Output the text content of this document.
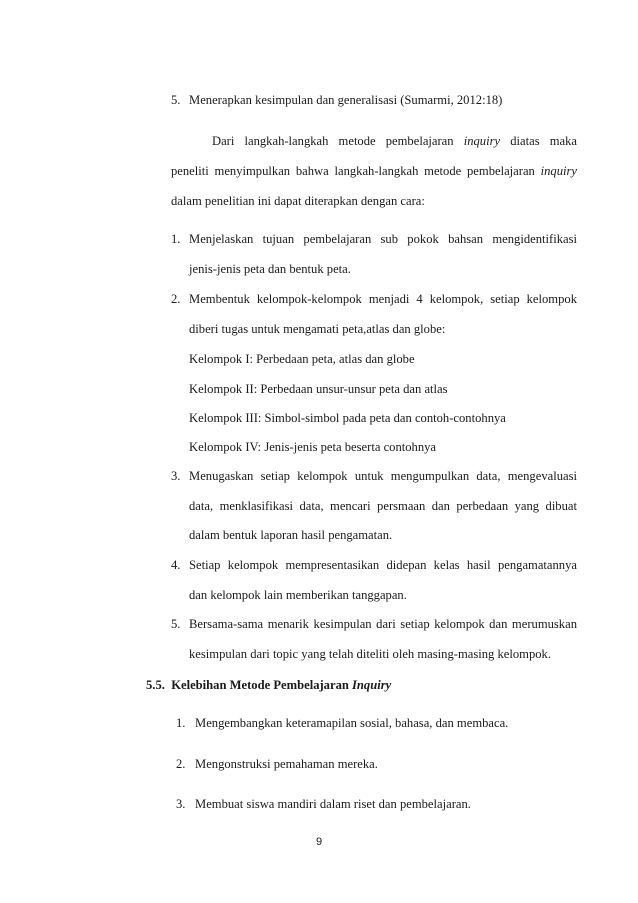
5. Menerapkan kesimpulan dan generalisasi (Sumarmi, 2012:18)
Dari langkah-langkah metode pembelajaran inquiry diatas maka
peneliti menyimpulkan bahwa langkah-langkah metode pembelajaran inquiry
dalam penelitian ini dapat diterapkan dengan cara:
1. Menjelaskan tujuan pembelajaran sub pokok bahsan mengidentifikasi
jenis-jenis peta dan bentuk peta.
2. Membentuk kelompok-kelompok menjadi 4 kelompok, setiap kelompok
diberi tugas untuk mengamati peta,atlas dan globe:
Kelompok I: Perbedaan peta, atlas dan globe
Kelompok II: Perbedaan unsur-unsur peta dan atlas
Kelompok III: Simbol-simbol pada peta dan contoh-contohnya
Kelompok IV: Jenis-jenis peta beserta contohnya
3. Menugaskan setiap kelompok untuk mengumpulkan data, mengevaluasi
data, menklasifikasi data, mencari persmaan dan perbedaan yang dibuat
dalam bentuk laporan hasil pengamatan.
4. Setiap kelompok mempresentasikan didepan kelas hasil pengamatannya
dan kelompok lain memberikan tanggapan.
5. Bersama-sama menarik kesimpulan dari setiap kelompok dan merumuskan
kesimpulan dari topic yang telah diteliti oleh masing-masing kelompok.
5.5. Kelebihan Metode Pembelajaran Inquiry
1. Mengembangkan keteramapilan sosial, bahasa, dan membaca.
2. Mengonstruksi pemahaman mereka.
3. Membuat siswa mandiri dalam riset dan pembelajaran.
9
